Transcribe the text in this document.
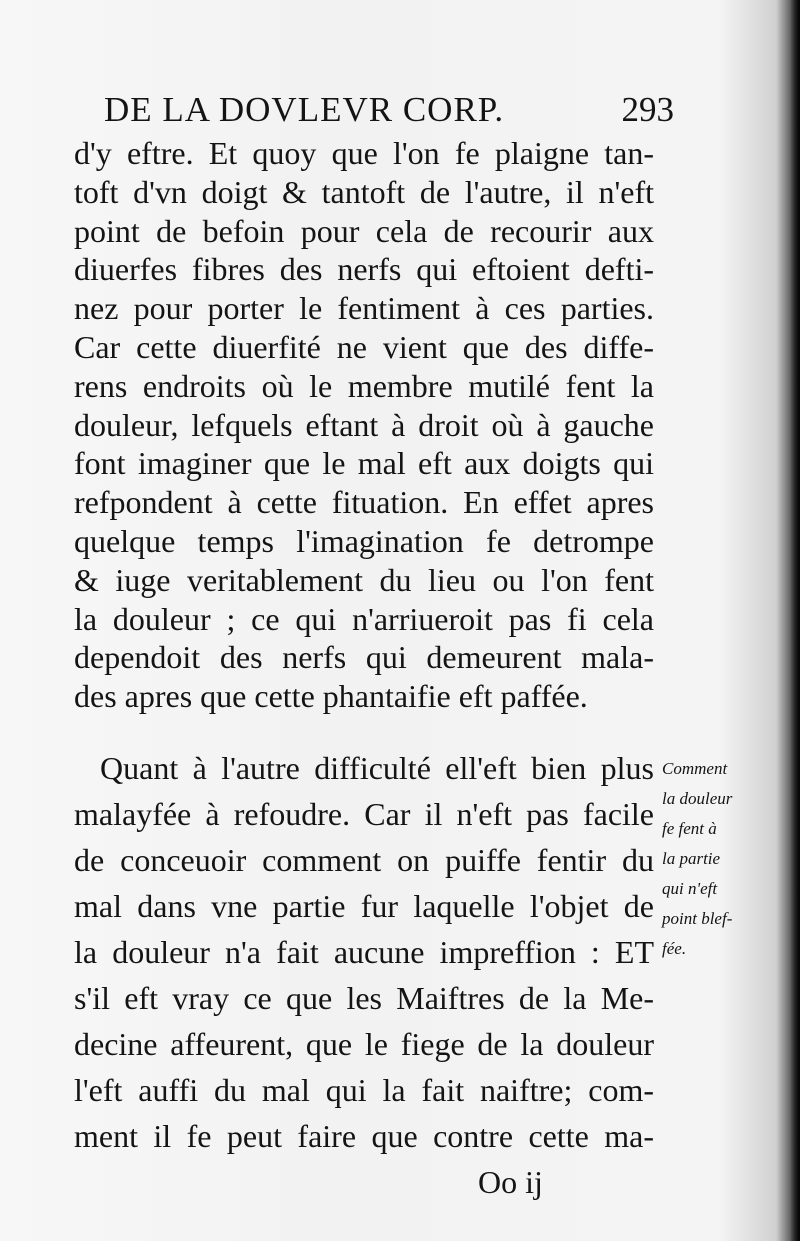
DE LA DOVLEVR CORP.	293
d'y eftre. Et quoy que l'on fe plaigne tan-
toft d'vn doigt & tantoft de l'autre, il n'eft
point de befoin pour cela de recourir aux
diuerfes fibres des nerfs qui eftoient defti-
nez pour porter le fentiment à ces parties.
Car cette diuerfité ne vient que des diffe-
rens endroits où le membre mutilé fent la
douleur, lefquels eftant à droit où à gauche
font imaginer que le mal eft aux doigts qui
refpondent à cette fituation. En effet apres
quelque temps l'imagination fe detrompe
& iuge veritablement du lieu ou l'on fent
la douleur ; ce qui n'arriueroit pas fi cela
dependoit des nerfs qui demeurent mala-
des apres que cette phantaifie eft paffée.
Quant à l'autre difficulté ell'eft bien plus
malayfée à refoudre. Car il n'eft pas facile
de conceuoir comment on puiffe fentir du
mal dans vne partie fur laquelle l'objet de
la douleur n'a fait aucune impreffion : ET
s'il eft vray ce que les Maiftres de la Me-
decine affeurent, que le fiege de la douleur
l'eft auffi du mal qui la fait naiftre; com-
ment il fe peut faire que contre cette ma-
Comment
la douleur
fe fent à
la partie
qui n'eft
point blef-
fée.
Oo ij
